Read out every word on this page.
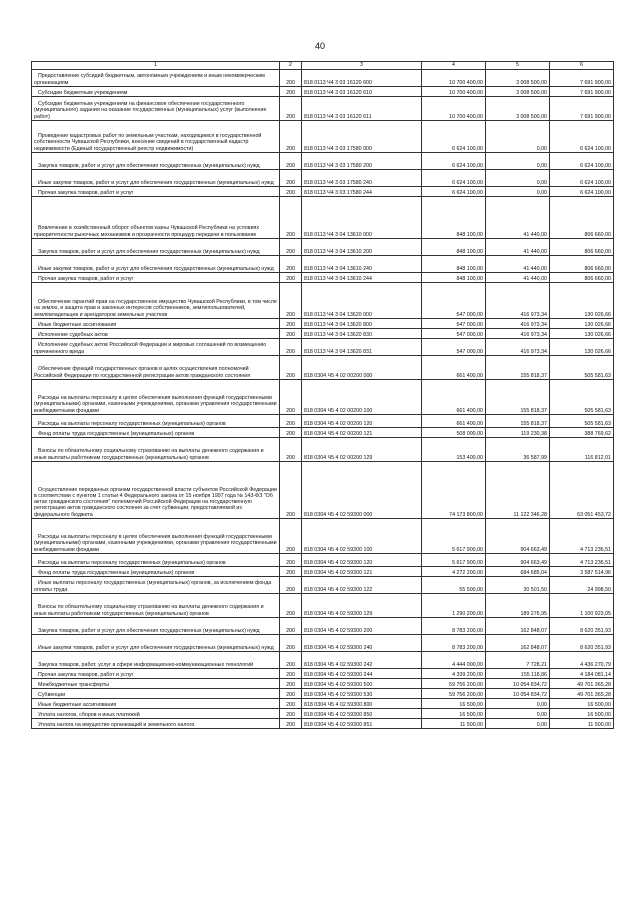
40
1	2	3	4	5	6
Предоставление субсидий бюджетным, автономным учреждениям и иным некоммерческим организациям	200	818 0113 Ч4 3 03 16120 600	10 700 400,00	3 008 500,00	7 691 900,00
Субсидии бюджетным учреждениям	200	818 0113 Ч4 3 03 16120 610	10 700 400,00	3 008 500,00	7 691 900,00
Субсидии бюджетным учреждениям на финансовое обеспечение государственного (муниципального) задания на оказание государственных (муниципальных) услуг (выполнение работ)	200	818 0113 Ч4 3 03 16120 611	10 700 400,00	3 008 500,00	7 691 900,00
Проведение кадастровых работ по земельным участкам, находящимся в государственной собственности Чувашской Республики, внесение сведений в государственный кадастр недвижимости (Единый государственный реестр недвижимости)	200	818 0113 Ч4 3 03 17580 000	6 624 100,00	0,00	6 624 100,00
Закупка товаров, работ и услуг для обеспечения государственных (муниципальных) нужд	200	818 0113 Ч4 3 03 17580 200	6 624 100,00	0,00	6 624 100,00
Иные закупки товаров, работ и услуг для обеспечения государственных (муниципальных) нужд	200	818 0113 Ч4 3 03 17580 240	6 624 100,00	0,00	6 624 100,00
Прочая закупка товаров, работ и услуг	200	818 0113 Ч4 3 03 17580 244	6 624 100,00	0,00	6 624 100,00
Вовлечение в хозяйственный оборот объектов казны Чувашской Республики на условиях приоритетности рыночных механизмов и прозрачности процедур передачи в пользование	200	818 0113 Ч4 3 04 13610 000	848 100,00	41 440,00	806 660,00
Закупка товаров, работ и услуг для обеспечения государственных (муниципальных) нужд	200	818 0113 Ч4 3 04 13610 200	848 100,00	41 440,00	806 660,00
Иные закупки товаров, работ и услуг для обеспечения государственных (муниципальных) нужд	200	818 0113 Ч4 3 04 13610 240	848 100,00	41 440,00	806 660,00
Прочая закупка товаров, работ и услуг	200	818 0113 Ч4 3 04 13610 244	848 100,00	41 440,00	806 660,00
Обеспечение гарантий прав на государственное имущество Чувашской Республики, в том числе на землю, и защита прав и законных интересов собственников, землепользователей, землевладельцев и арендаторов земельных участков	200	818 0113 Ч4 3 04 13620 000	547 000,00	416 973,34	130 026,66
Иные бюджетные ассигнования	200	818 0113 Ч4 3 04 13620 800	547 000,00	416 973,34	130 026,66
Исполнение судебных актов	200	818 0113 Ч4 3 04 13620 830	547 000,00	416 973,34	130 026,66
Исполнение судебных актов Российской Федерации и мировых соглашений по возмещению причиненного вреда	200	818 0113 Ч4 3 04 13620 831	547 000,00	416 973,34	130 026,66
Обеспечение функций государственных органов в целях осуществления полномочий Российской Федерации по государственной регистрации актов гражданского состояния	200	818 0304 Ч5 4 02 00200 000	661 400,00	155 818,37	505 581,63
Расходы на выплаты персоналу в целях обеспечения выполнения функций государственными (муниципальными) органами, казенными учреждениями, органами управления государственными внебюджетными фондами	200	818 0304 Ч5 4 02 00200 100	661 400,00	155 818,37	505 581,63
Расходы на выплаты персоналу государственных (муниципальных) органов	200	818 0304 Ч5 4 02 00200 120	661 400,00	155 818,37	505 581,63
Фонд оплаты труда государственных (муниципальных) органов	200	818 0304 Ч5 4 02 00200 121	508 000,00	119 230,38	388 769,62
Взносы по обязательному социальному страхованию на выплаты денежного содержания и иные выплаты работникам государственных (муниципальных) органов	200	818 0304 Ч5 4 02 00200 129	153 400,00	36 587,99	116 812,01
Осуществление переданных органам государственной власти субъектов Российской Федерации в соответствии с пунктом 1 статьи 4 Федерального закона от 15 ноября 1997 года № 143-ФЗ "Об актах гражданского состояния" полномочий Российской Федерации на государственную регистрацию актов гражданского состояния за счет субвенции, предоставляемой из федерального бюджета	200	818 0304 Ч5 4 02 59300 000	74 173 800,00	11 122 346,28	63 051 453,72
Расходы на выплаты персоналу в целях обеспечения выполнения функций государственными (муниципальными) органами, казенными учреждениями, органами управления государственными внебюджетными фондами	200	818 0304 Ч5 4 02 59300 100	5 617 900,00	904 663,49	4 713 236,51
Расходы на выплаты персоналу государственных (муниципальных) органов	200	818 0304 Ч5 4 02 59300 120	5 617 900,00	904 663,49	4 713 236,51
Фонд оплаты труда государственных (муниципальных) органов	200	818 0304 Ч5 4 02 59300 121	4 272 200,00	684 685,04	3 587 514,96
Иные выплаты персоналу государственных (муниципальных) органов, за исключением фонда оплаты труда	200	818 0304 Ч5 4 02 59300 122	55 500,00	30 501,50	24 998,50
Взносы по обязательному социальному страхованию на выплаты денежного содержания и иные выплаты работникам государственных (муниципальных) органов	200	818 0304 Ч5 4 02 59300 129	1 290 200,00	189 276,95	1 100 923,05
Закупка товаров, работ и услуг для обеспечения государственных (муниципальных) нужд	200	818 0304 Ч5 4 02 59300 200	8 783 200,00	162 848,07	8 620 351,93
Иные закупки товаров, работ и услуг для обеспечения государственных (муниципальных) нужд	200	818 0304 Ч5 4 02 59300 240	8 783 200,00	162 848,07	8 620 351,93
Закупка товаров, работ, услуг в сфере информационно-коммуникационных технологий	200	818 0304 Ч5 4 02 59300 242	4 444 000,00	7 728,21	4 436 270,79
Прочая закупка товаров, работ и услуг	200	818 0304 Ч5 4 02 59300 244	4 339 200,00	155 118,86	4 184 081,14
Межбюджетные трансферты	200	818 0304 Ч5 4 02 59300 500	59 756 200,00	10 054 834,72	49 701 365,28
Субвенции	200	818 0304 Ч5 4 02 59300 530	59 756 200,00	10 054 834,72	49 701 365,28
Иные бюджетные ассигнования	200	818 0304 Ч5 4 02 59300 800	16 500,00	0,00	16 500,00
Уплата налогов, сборов и иных платежей	200	818 0304 Ч5 4 02 59300 850	16 500,00	0,00	16 500,00
Уплата налога на имущество организаций и земельного налога	200	818 0304 Ч5 4 02 59300 851	11 500,00	0,00	11 500,00
